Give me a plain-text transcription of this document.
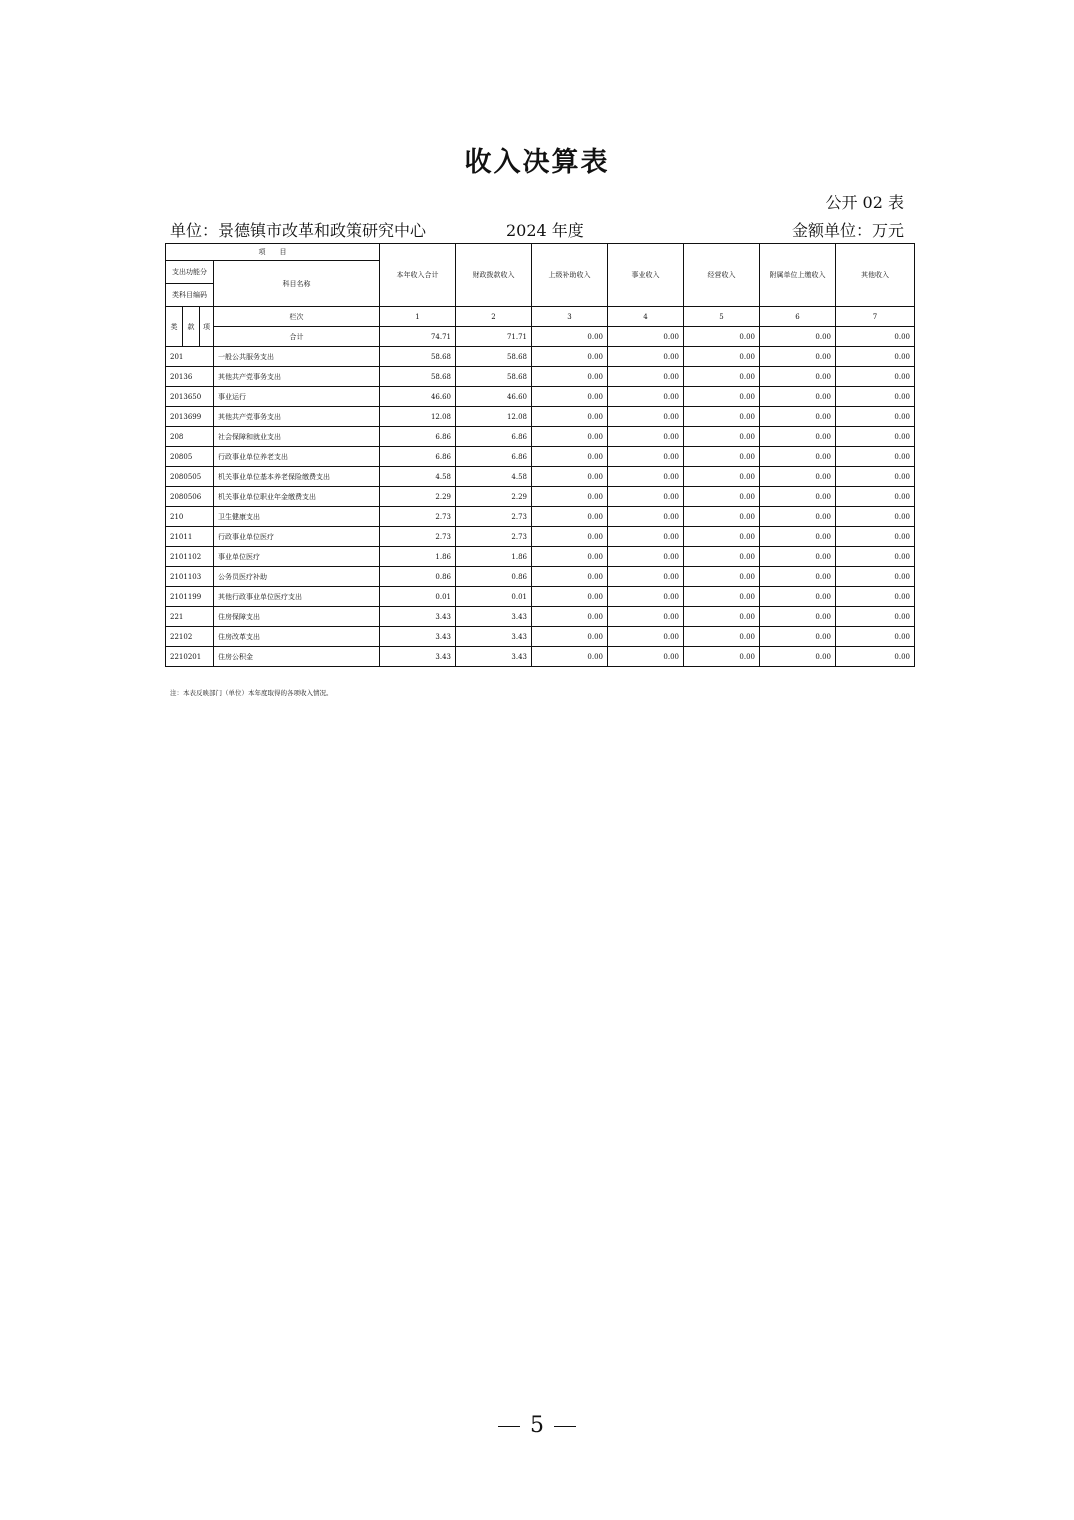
收入决算表
公开 02 表
单位：景德镇市改革和政策研究中心	2024 年度	金额单位：万元
项　　目				本年收入合计	财政拨款收入	上级补助收入	事业收入	经营收入	附属单位上缴收入	其他收入
支出功能分			科目名称							
类科目编码										
类	款	项	栏次	1	2	3	4	5	6	7
			合计	74.71	71.71	0.00	0.00	0.00	0.00	0.00
201			一般公共服务支出	58.68	58.68	0.00	0.00	0.00	0.00	0.00
20136			其他共产党事务支出	58.68	58.68	0.00	0.00	0.00	0.00	0.00
2013650			事业运行	46.60	46.60	0.00	0.00	0.00	0.00	0.00
2013699			其他共产党事务支出	12.08	12.08	0.00	0.00	0.00	0.00	0.00
208			社会保障和就业支出	6.86	6.86	0.00	0.00	0.00	0.00	0.00
20805			行政事业单位养老支出	6.86	6.86	0.00	0.00	0.00	0.00	0.00
2080505			机关事业单位基本养老保险缴费支出	4.58	4.58	0.00	0.00	0.00	0.00	0.00
2080506			机关事业单位职业年金缴费支出	2.29	2.29	0.00	0.00	0.00	0.00	0.00
210			卫生健康支出	2.73	2.73	0.00	0.00	0.00	0.00	0.00
21011			行政事业单位医疗	2.73	2.73	0.00	0.00	0.00	0.00	0.00
2101102			事业单位医疗	1.86	1.86	0.00	0.00	0.00	0.00	0.00
2101103			公务员医疗补助	0.86	0.86	0.00	0.00	0.00	0.00	0.00
2101199			其他行政事业单位医疗支出	0.01	0.01	0.00	0.00	0.00	0.00	0.00
221			住房保障支出	3.43	3.43	0.00	0.00	0.00	0.00	0.00
22102			住房改革支出	3.43	3.43	0.00	0.00	0.00	0.00	0.00
2210201			住房公积金	3.43	3.43	0.00	0.00	0.00	0.00	0.00
注：本表反映部门（单位）本年度取得的各项收入情况。
5
